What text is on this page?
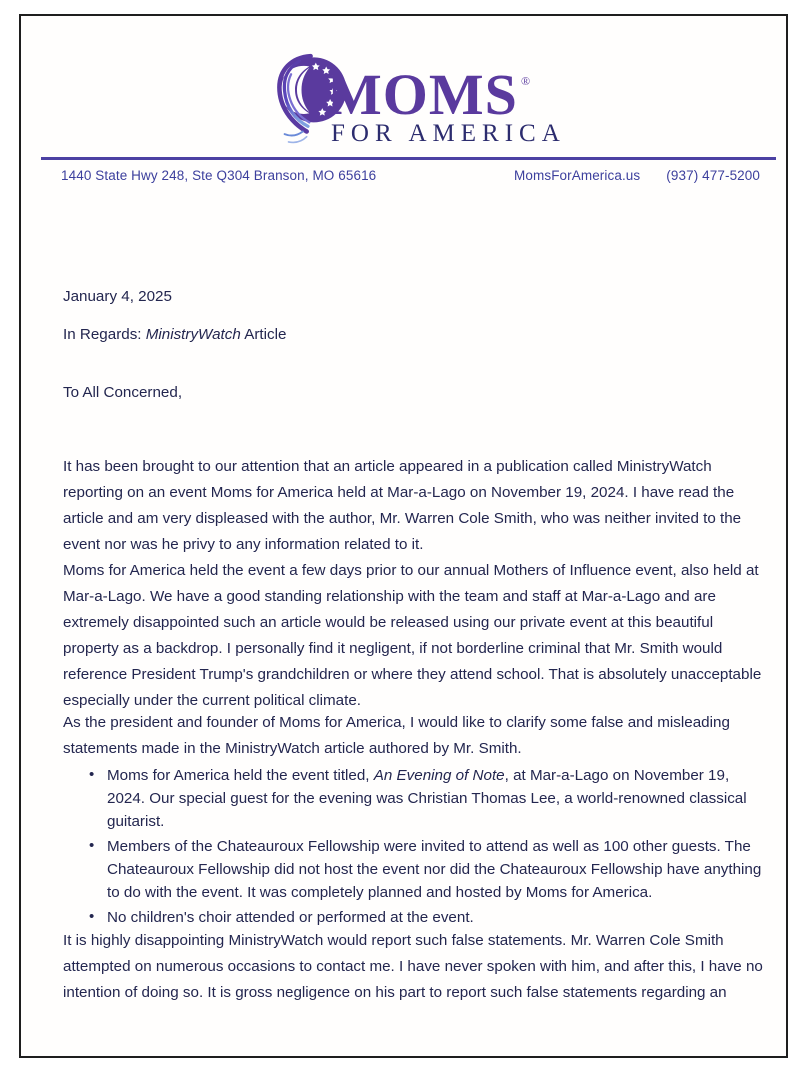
MOMS ®
FOR AMERICA
1440 State Hwy 248, Ste Q304 Branson, MO 65616	MomsForAmerica.us (937) 477-5200

January 4, 2025

In Regards: MinistryWatch Article

To All Concerned,

It has been brought to our attention that an article appeared in a publication called MinistryWatch reporting on an event Moms for America held at Mar-a-Lago on November 19, 2024. I have read the article and am very displeased with the author, Mr. Warren Cole Smith, who was neither invited to the event nor was he privy to any information related to it.

Moms for America held the event a few days prior to our annual Mothers of Influence event, also held at Mar-a-Lago. We have a good standing relationship with the team and staff at Mar-a-Lago and are extremely disappointed such an article would be released using our private event at this beautiful property as a backdrop. I personally find it negligent, if not borderline criminal that Mr. Smith would reference President Trump's grandchildren or where they attend school. That is absolutely unacceptable especially under the current political climate.

As the president and founder of Moms for America, I would like to clarify some false and misleading statements made in the MinistryWatch article authored by Mr. Smith.

• Moms for America held the event titled, An Evening of Note, at Mar-a-Lago on November 19, 2024. Our special guest for the evening was Christian Thomas Lee, a world-renowned classical guitarist.
• Members of the Chateauroux Fellowship were invited to attend as well as 100 other guests. The Chateauroux Fellowship did not host the event nor did the Chateauroux Fellowship have anything to do with the event. It was completely planned and hosted by Moms for America.
• No children's choir attended or performed at the event.

It is highly disappointing MinistryWatch would report such false statements. Mr. Warren Cole Smith attempted on numerous occasions to contact me. I have never spoken with him, and after this, I have no intention of doing so. It is gross negligence on his part to report such false statements regarding an
